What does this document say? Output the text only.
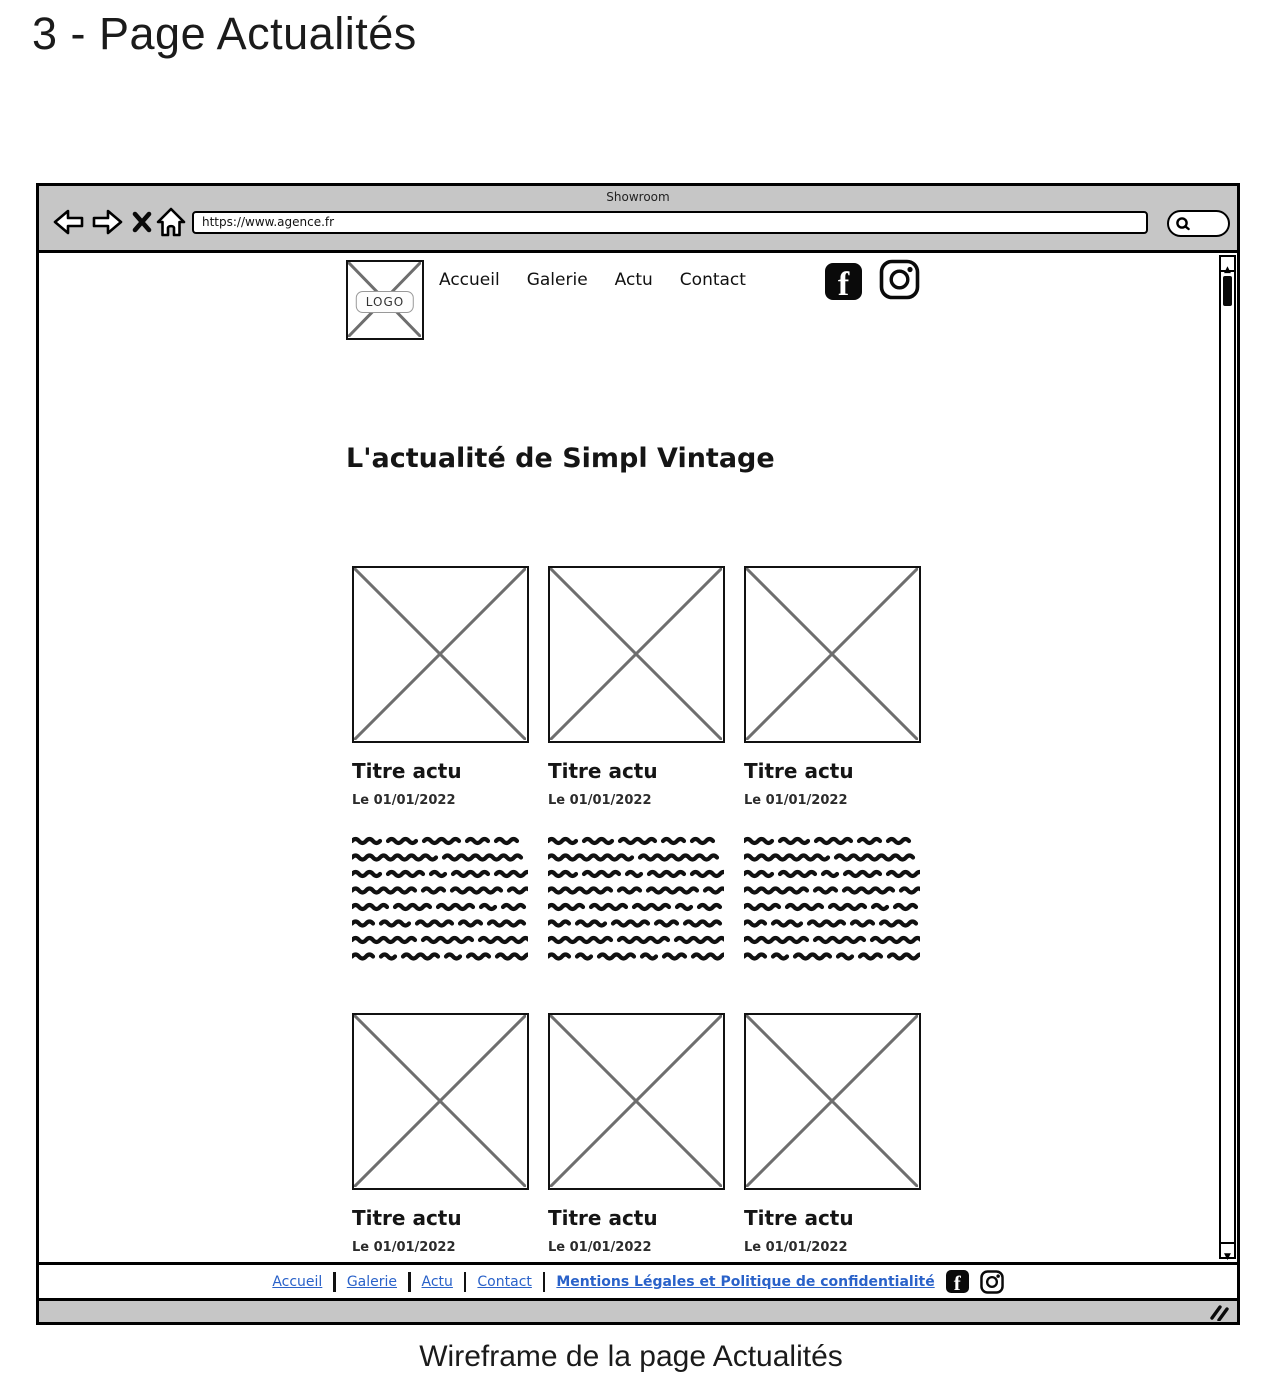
3 - Page Actualités
Showroom
https://www.agence.fr
LOGO
Accueil Galerie Actu Contact	f
L'actualité de Simpl Vintage
Titre actu
Le 01/01/2022
Titre actu
Le 01/01/2022
Titre actu
Le 01/01/2022
Titre actu
Le 01/01/2022
Titre actu
Le 01/01/2022
Titre actu
Le 01/01/2022
▲
▼
Accueil Galerie Actu Contact Mentions Légales et Politique de confidentialité f
Wireframe de la page Actualités
